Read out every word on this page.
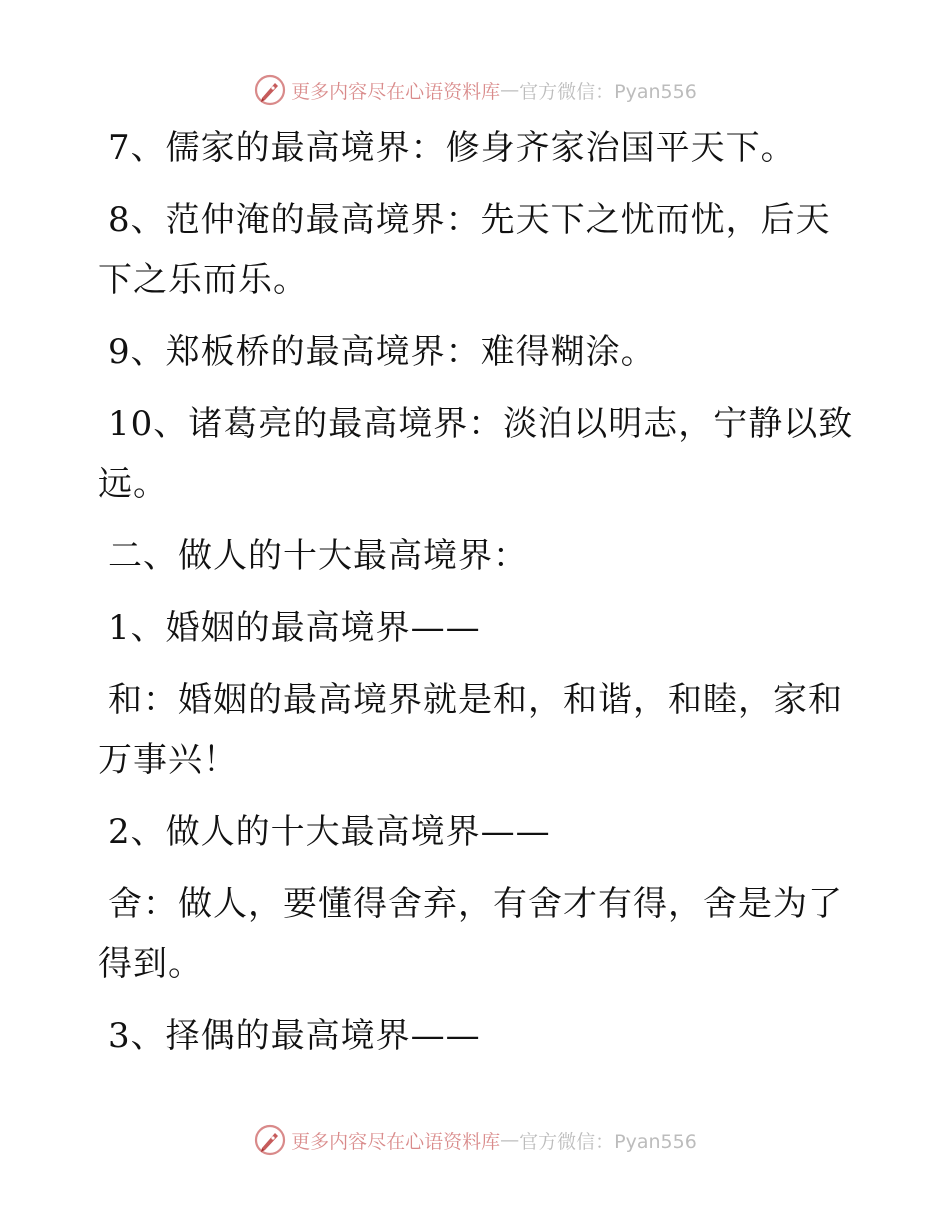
更多内容尽在心语资料库 — 官方微信：Pyan556

7、儒家的最高境界：修身齐家治国平天下。

8、范仲淹的最高境界：先天下之忧而忧，后天下之乐而乐。

9、郑板桥的最高境界：难得糊涂。

10、诸葛亮的最高境界：淡泊以明志，宁静以致远。

二、做人的十大最高境界：

1、婚姻的最高境界——

和：婚姻的最高境界就是和，和谐，和睦，家和万事兴！

2、做人的十大最高境界——

舍：做人，要懂得舍弃，有舍才有得，舍是为了得到。

3、择偶的最高境界——

更多内容尽在心语资料库 — 官方微信：Pyan556
